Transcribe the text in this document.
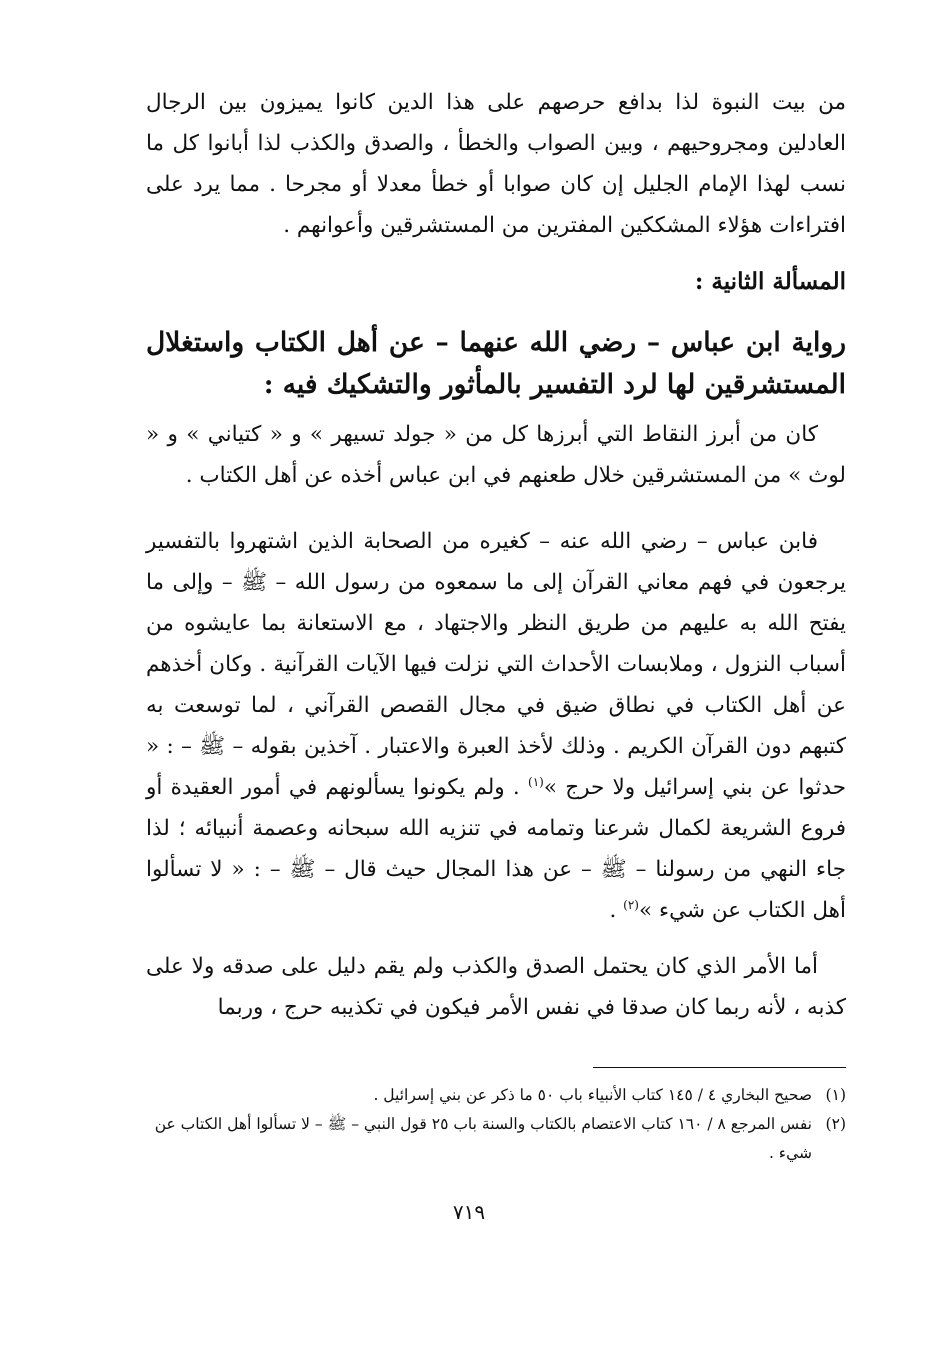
من بيت النبوة لذا بدافع حرصهم على هذا الدين كانوا يميزون بين الرجال العادلين ومجروحيهم ، وبين الصواب والخطأ ، والصدق والكذب لذا أبانوا كل ما نسب لهذا الإمام الجليل إن كان صوابا أو خطأ معدلا أو مجرحا . مما يرد على افتراءات هؤلاء المشككين المفترين من المستشرقين وأعوانهم .

المسألة الثانية :
رواية ابن عباس – رضي الله عنهما – عن أهل الكتاب واستغلال المستشرقين لها لرد التفسير بالمأثور والتشكيك فيه :

كان من أبرز النقاط التي أبرزها كل من « جولد تسيهر » و « كتياني » و « لوث » من المستشرقين خلال طعنهم في ابن عباس أخذه عن أهل الكتاب .

فابن عباس – رضي الله عنه – كغيره من الصحابة الذين اشتهروا بالتفسير يرجعون في فهم معاني القرآن إلى ما سمعوه من رسول الله – ﷺ – وإلى ما يفتح الله به عليهم من طريق النظر والاجتهاد ، مع الاستعانة بما عايشوه من أسباب النزول ، وملابسات الأحداث التي نزلت فيها الآيات القرآنية . وكان أخذهم عن أهل الكتاب في نطاق ضيق في مجال القصص القرآني ، لما توسعت به كتبهم دون القرآن الكريم . وذلك لأخذ العبرة والاعتبار . آخذين بقوله – ﷺ – : « حدثوا عن بني إسرائيل ولا حرج »$^{(١)}$ . ولم يكونوا يسألونهم في أمور العقيدة أو فروع الشريعة لكمال شرعنا وتمامه في تنزيه الله سبحانه وعصمة أنبيائه ؛ لذا جاء النهي من رسولنا – ﷺ – عن هذا المجال حيث قال – ﷺ – : « لا تسألوا أهل الكتاب عن شيء »$^{(٢)}$ .

أما الأمر الذي كان يحتمل الصدق والكذب ولم يقم دليل على صدقه ولا على كذبه ، لأنه ربما كان صدقا في نفس الأمر فيكون في تكذيبه حرج ، وربما

(١)
صحيح البخاري ٤ / ١٤٥ كتاب الأنبياء باب ٥٠ ما ذكر عن بني إسرائيل .
(٢)
نفس المرجع ٨ / ١٦٠ كتاب الاعتصام بالكتاب والسنة باب ٢٥ قول النبي – ﷺ – لا تسألوا أهل الكتاب عن شيء .
٧١٩
